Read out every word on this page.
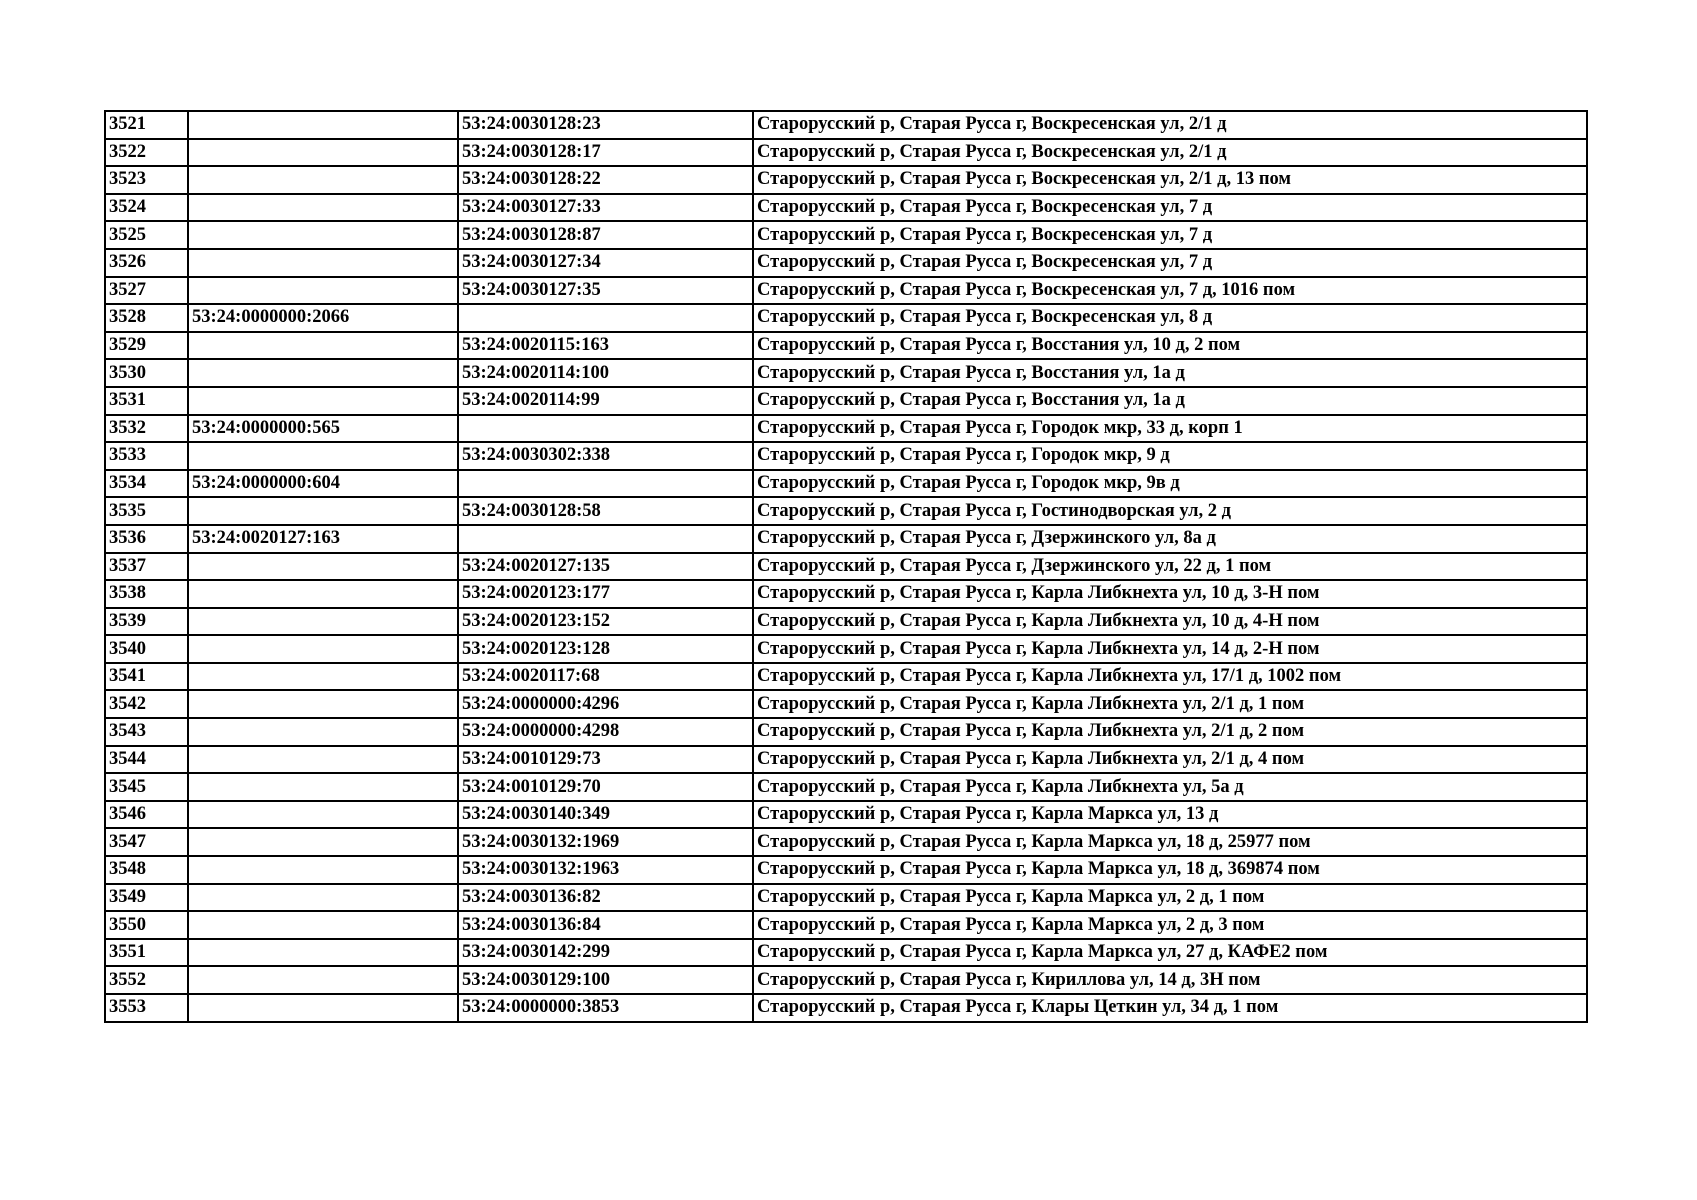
3521		53:24:0030128:23	Старорусский р, Старая Русса г, Воскресенская ул, 2/1 д
3522		53:24:0030128:17	Старорусский р, Старая Русса г, Воскресенская ул, 2/1 д
3523		53:24:0030128:22	Старорусский р, Старая Русса г, Воскресенская ул, 2/1 д, 13 пом
3524		53:24:0030127:33	Старорусский р, Старая Русса г, Воскресенская ул, 7 д
3525		53:24:0030128:87	Старорусский р, Старая Русса г, Воскресенская ул, 7 д
3526		53:24:0030127:34	Старорусский р, Старая Русса г, Воскресенская ул, 7 д
3527		53:24:0030127:35	Старорусский р, Старая Русса г, Воскресенская ул, 7 д, 1016 пом
3528	53:24:0000000:2066		Старорусский р, Старая Русса г, Воскресенская ул, 8 д
3529		53:24:0020115:163	Старорусский р, Старая Русса г, Восстания ул, 10 д, 2 пом
3530		53:24:0020114:100	Старорусский р, Старая Русса г, Восстания ул, 1а д
3531		53:24:0020114:99	Старорусский р, Старая Русса г, Восстания ул, 1а д
3532	53:24:0000000:565		Старорусский р, Старая Русса г, Городок мкр, 33 д, корп 1
3533		53:24:0030302:338	Старорусский р, Старая Русса г, Городок мкр, 9 д
3534	53:24:0000000:604		Старорусский р, Старая Русса г, Городок мкр, 9в д
3535		53:24:0030128:58	Старорусский р, Старая Русса г, Гостинодворская ул, 2 д
3536	53:24:0020127:163		Старорусский р, Старая Русса г, Дзержинского ул, 8а д
3537		53:24:0020127:135	Старорусский р, Старая Русса г, Дзержинского ул, 22 д, 1 пом
3538		53:24:0020123:177	Старорусский р, Старая Русса г, Карла Либкнехта ул, 10 д, 3-Н пом
3539		53:24:0020123:152	Старорусский р, Старая Русса г, Карла Либкнехта ул, 10 д, 4-Н пом
3540		53:24:0020123:128	Старорусский р, Старая Русса г, Карла Либкнехта ул, 14 д, 2-Н пом
3541		53:24:0020117:68	Старорусский р, Старая Русса г, Карла Либкнехта ул, 17/1 д, 1002 пом
3542		53:24:0000000:4296	Старорусский р, Старая Русса г, Карла Либкнехта ул, 2/1 д, 1 пом
3543		53:24:0000000:4298	Старорусский р, Старая Русса г, Карла Либкнехта ул, 2/1 д, 2 пом
3544		53:24:0010129:73	Старорусский р, Старая Русса г, Карла Либкнехта ул, 2/1 д, 4 пом
3545		53:24:0010129:70	Старорусский р, Старая Русса г, Карла Либкнехта ул, 5а д
3546		53:24:0030140:349	Старорусский р, Старая Русса г, Карла Маркса ул, 13 д
3547		53:24:0030132:1969	Старорусский р, Старая Русса г, Карла Маркса ул, 18 д, 25977 пом
3548		53:24:0030132:1963	Старорусский р, Старая Русса г, Карла Маркса ул, 18 д, 369874 пом
3549		53:24:0030136:82	Старорусский р, Старая Русса г, Карла Маркса ул, 2 д, 1 пом
3550		53:24:0030136:84	Старорусский р, Старая Русса г, Карла Маркса ул, 2 д, 3 пом
3551		53:24:0030142:299	Старорусский р, Старая Русса г, Карла Маркса ул, 27 д, КАФЕ2 пом
3552		53:24:0030129:100	Старорусский р, Старая Русса г, Кириллова ул, 14 д, 3Н пом
3553		53:24:0000000:3853	Старорусский р, Старая Русса г, Клары Цеткин ул, 34 д, 1 пом
